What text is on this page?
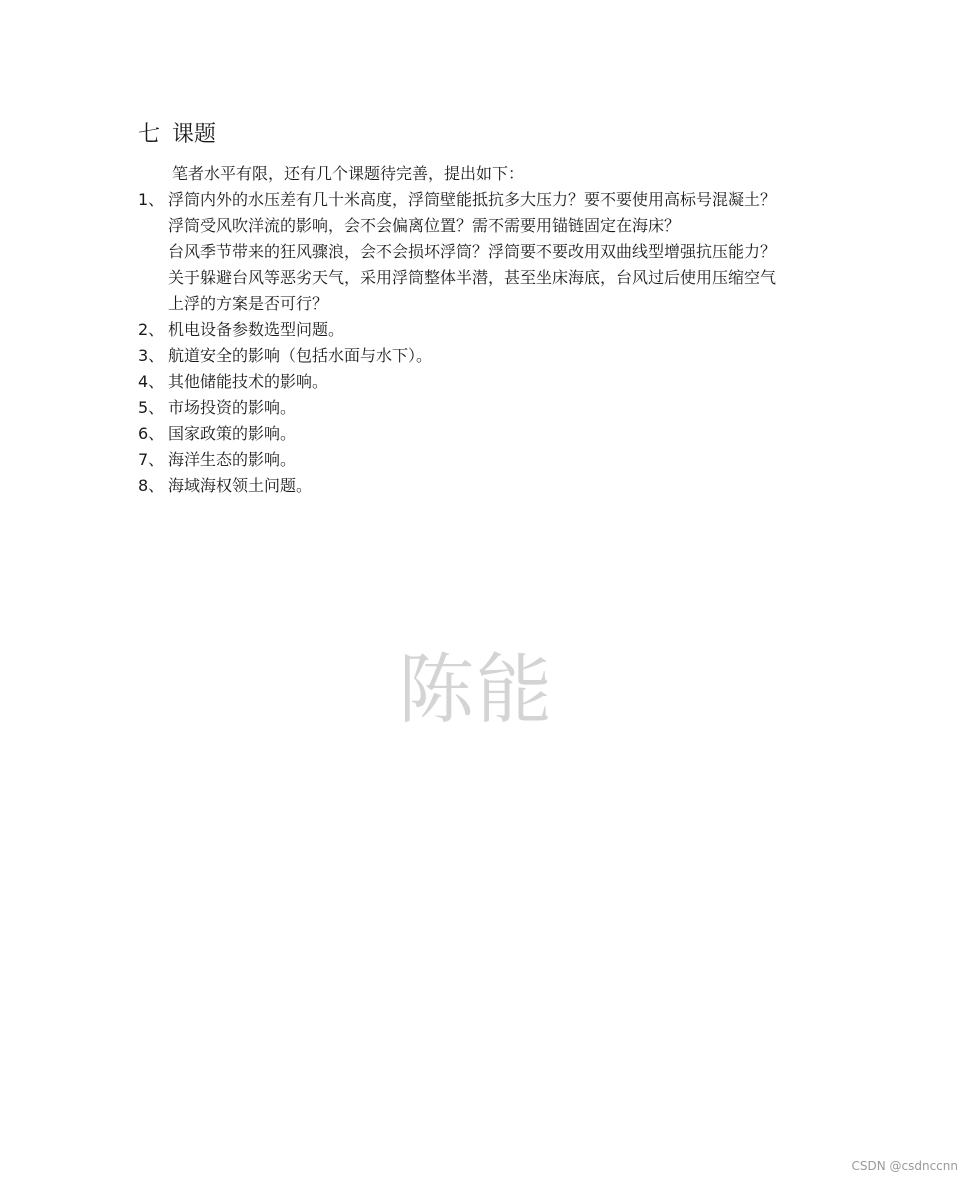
七 课题
笔者水平有限，还有几个课题待完善，提出如下：
1、 浮筒内外的水压差有几十米高度，浮筒壁能抵抗多大压力？要不要使用高标号混凝土？
浮筒受风吹洋流的影响，会不会偏离位置？需不需要用锚链固定在海床？
台风季节带来的狂风骤浪，会不会损坏浮筒？浮筒要不要改用双曲线型增强抗压能力？
关于躲避台风等恶劣天气，采用浮筒整体半潜，甚至坐床海底，台风过后使用压缩空气
上浮的方案是否可行？
2、 机电设备参数选型问题。
3、 航道安全的影响（包括水面与水下）。
4、 其他储能技术的影响。
5、 市场投资的影响。
6、 国家政策的影响。
7、 海洋生态的影响。
8、 海域海权领土问题。
陈能
CSDN @csdnccnn
